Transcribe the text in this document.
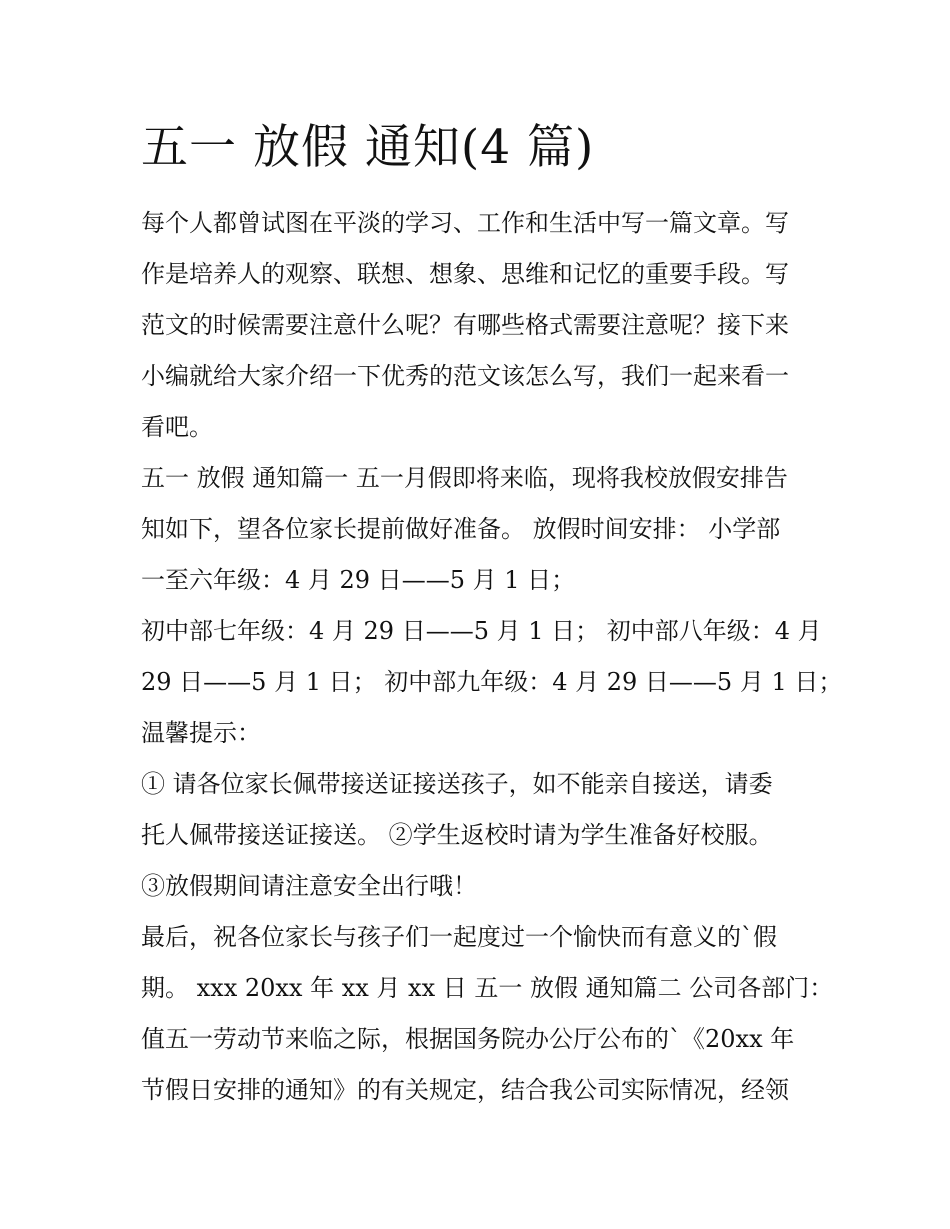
五一 放假 通知(4 篇)

每个人都曾试图在平淡的学习、工作和生活中写一篇文章。写

作是培养人的观察、联想、想象、思维和记忆的重要手段。写

范文的时候需要注意什么呢？有哪些格式需要注意呢？接下来

小编就给大家介绍一下优秀的范文该怎么写，我们一起来看一

看吧。

五一 放假 通知篇一 五一月假即将来临，现将我校放假安排告

知如下，望各位家长提前做好准备。 放假时间安排： 小学部

一至六年级：4 月 29 日——5 月 1 日；

初中部七年级：4 月 29 日——5 月 1 日； 初中部八年级：4 月

29 日——5 月 1 日； 初中部九年级：4 月 29 日——5 月 1 日；

温馨提示：

① 请各位家长佩带接送证接送孩子，如不能亲自接送，请委

托人佩带接送证接送。 ②学生返校时请为学生准备好校服。

③放假期间请注意安全出行哦！

最后，祝各位家长与孩子们一起度过一个愉快而有意义的`假

期。 xxx 20xx 年 xx 月 xx 日 五一 放假 通知篇二 公司各部门：

值五一劳动节来临之际，根据国务院办公厅公布的`《20xx 年

节假日安排的通知》的有关规定，结合我公司实际情况，经领
